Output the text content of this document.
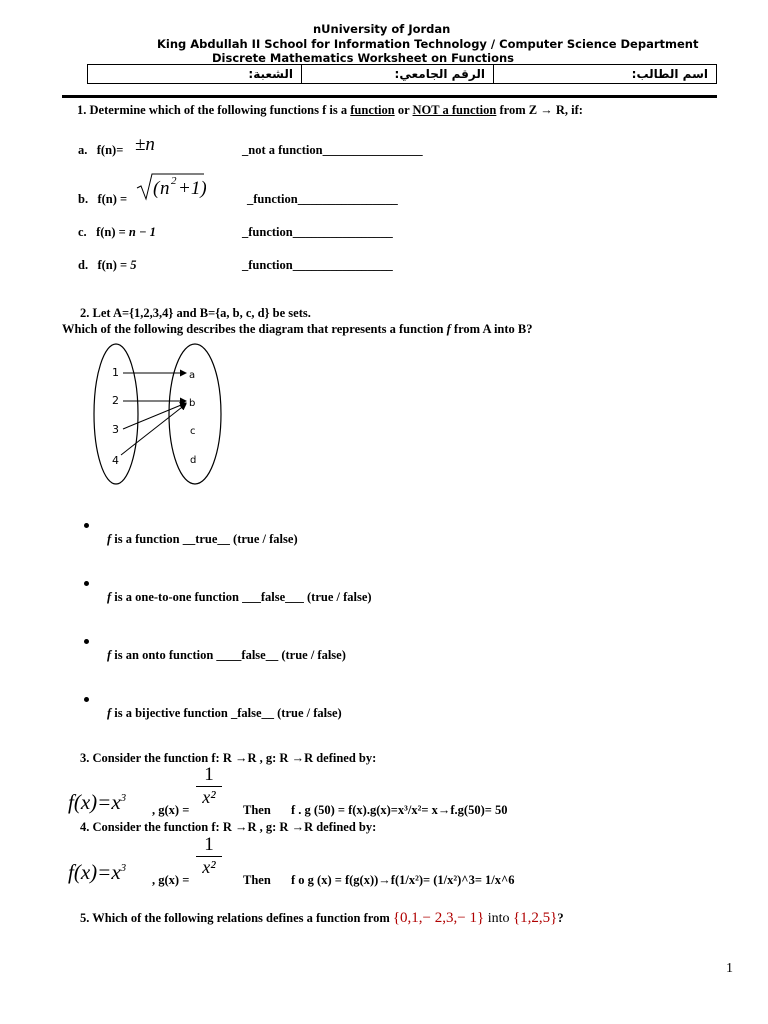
nUniversity of Jordan
King Abdullah II School for Information Technology / Computer Science Department
Discrete Mathematics Worksheet on Functions
الشعبة:	الرقم الجامعي:	اسم الطالب:
1. Determine which of the following functions f is a function or NOT a function from Z → R, if:
a. f(n)= ±n	_not a function________________
b. f(n) = ( n 2 +1)	_function________________
c. f(n) = n − 1	_function________________
d. f(n) = 5	_function________________
2. Let A={1,2,3,4} and B={a, b, c, d} be sets.
Which of the following describes the diagram that represents a function f from A into B?
1
2
3
4
a
b
c
d
f is a function __true__ (true / false)
f is a one-to-one function ___false___ (true / false)
f is an onto function ____false__ (true / false)
f is a bijective function _false__ (true / false)
3. Consider the function f: R →R , g: R →R defined by:
$f(x)=x^3$
, g(x) =
1
x²
Then f . g (50) = f(x).g(x)=x³/x²= x→f.g(50)= 50
4. Consider the function f: R →R , g: R →R defined by:
$f(x)=x^3$
, g(x) =
1
x²
Then f o g (x) = f(g(x))→f(1/x²)= (1/x²)^3= 1/x^6
5. Which of the following relations defines a function from {0,1,− 2,3,− 1} into {1,2,5}?
1
